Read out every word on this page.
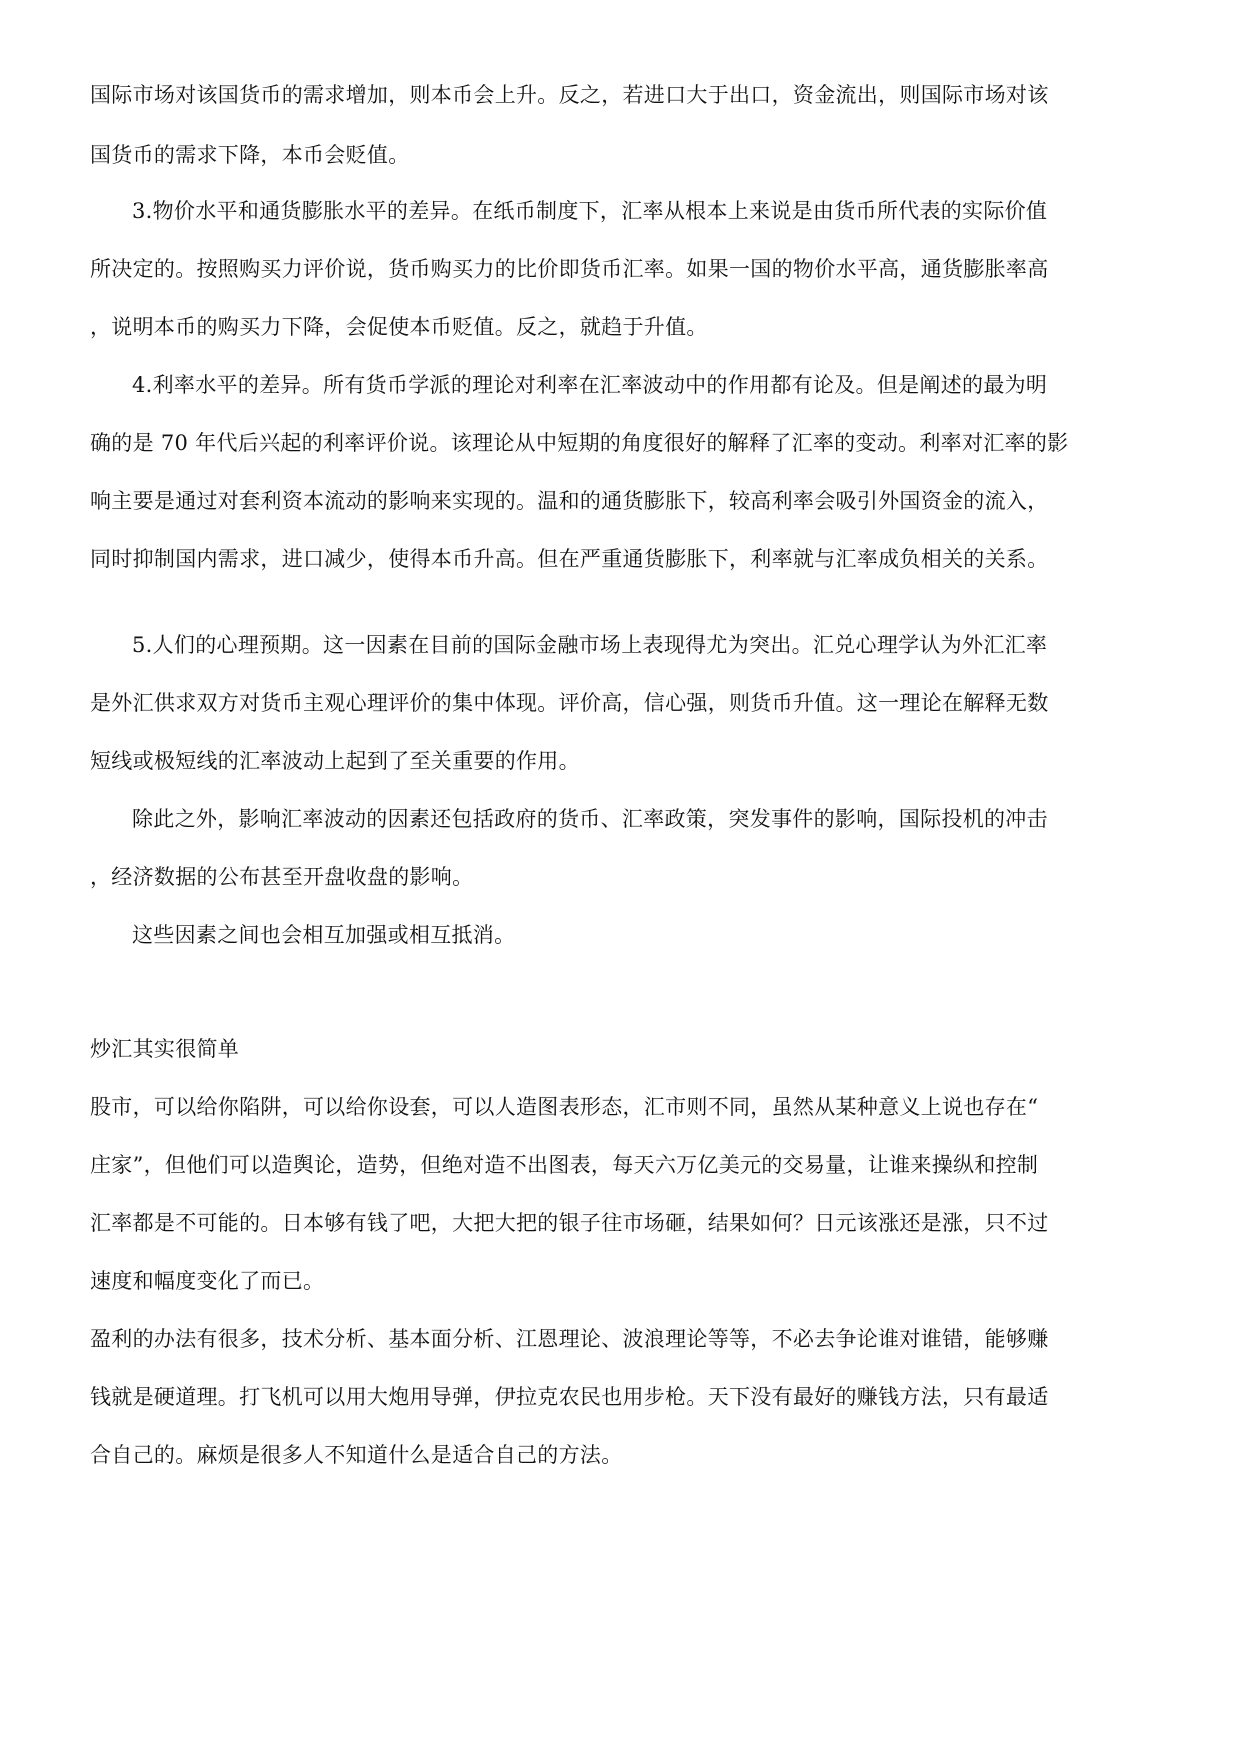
国际市场对该国货币的需求增加，则本币会上升。反之，若进口大于出口，资金流出，则国际市场对该
国货币的需求下降，本币会贬值。
3.物价水平和通货膨胀水平的差异。在纸币制度下，汇率从根本上来说是由货币所代表的实际价值
所决定的。按照购买力评价说，货币购买力的比价即货币汇率。如果一国的物价水平高，通货膨胀率高
，说明本币的购买力下降，会促使本币贬值。反之，就趋于升值。
4.利率水平的差异。所有货币学派的理论对利率在汇率波动中的作用都有论及。但是阐述的最为明
确的是 70 年代后兴起的利率评价说。该理论从中短期的角度很好的解释了汇率的变动。利率对汇率的影
响主要是通过对套利资本流动的影响来实现的。温和的通货膨胀下，较高利率会吸引外国资金的流入，
同时抑制国内需求，进口减少，使得本币升高。但在严重通货膨胀下，利率就与汇率成负相关的关系。
5.人们的心理预期。这一因素在目前的国际金融市场上表现得尤为突出。汇兑心理学认为外汇汇率
是外汇供求双方对货币主观心理评价的集中体现。评价高，信心强，则货币升值。这一理论在解释无数
短线或极短线的汇率波动上起到了至关重要的作用。
除此之外，影响汇率波动的因素还包括政府的货币、汇率政策，突发事件的影响，国际投机的冲击
，经济数据的公布甚至开盘收盘的影响。
这些因素之间也会相互加强或相互抵消。
炒汇其实很简单
股市，可以给你陷阱，可以给你设套，可以人造图表形态，汇市则不同，虽然从某种意义上说也存在“
庄家”，但他们可以造舆论，造势，但绝对造不出图表，每天六万亿美元的交易量，让谁来操纵和控制
汇率都是不可能的。日本够有钱了吧，大把大把的银子往市场砸，结果如何？日元该涨还是涨，只不过
速度和幅度变化了而已。
盈利的办法有很多，技术分析、基本面分析、江恩理论、波浪理论等等，不必去争论谁对谁错，能够赚
钱就是硬道理。打飞机可以用大炮用导弹，伊拉克农民也用步枪。天下没有最好的赚钱方法，只有最适
合自己的。麻烦是很多人不知道什么是适合自己的方法。
